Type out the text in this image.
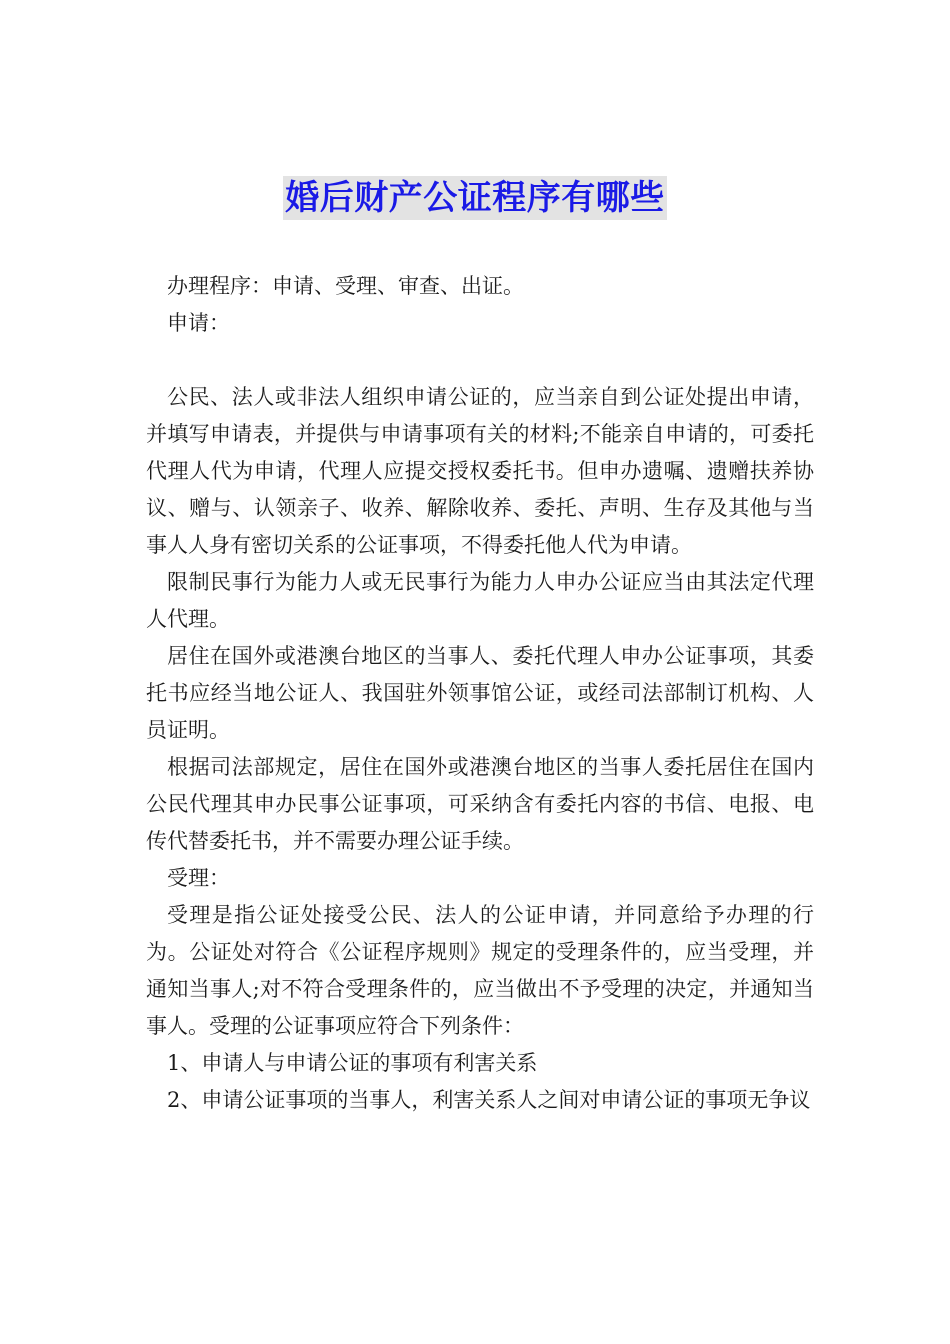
婚后财产公证程序有哪些

办理程序：申请、受理、审查、出证。

申请：

公民、法人或非法人组织申请公证的，应当亲自到公证处提出申请，并填写申请表，并提供与申请事项有关的材料;不能亲自申请的，可委托代理人代为申请，代理人应提交授权委托书。但申办遗嘱、遗赠扶养协议、赠与、认领亲子、收养、解除收养、委托、声明、生存及其他与当事人人身有密切关系的公证事项，不得委托他人代为申请。

限制民事行为能力人或无民事行为能力人申办公证应当由其法定代理人代理。

居住在国外或港澳台地区的当事人、委托代理人申办公证事项，其委托书应经当地公证人、我国驻外领事馆公证，或经司法部制订机构、人员证明。

根据司法部规定，居住在国外或港澳台地区的当事人委托居住在国内公民代理其申办民事公证事项，可采纳含有委托内容的书信、电报、电传代替委托书，并不需要办理公证手续。

受理：

受理是指公证处接受公民、法人的公证申请，并同意给予办理的行为。公证处对符合《公证程序规则》规定的受理条件的，应当受理，并通知当事人;对不符合受理条件的，应当做出不予受理的决定，并通知当事人。受理的公证事项应符合下列条件：

1、申请人与申请公证的事项有利害关系

2、申请公证事项的当事人，利害关系人之间对申请公证的事项无争议
